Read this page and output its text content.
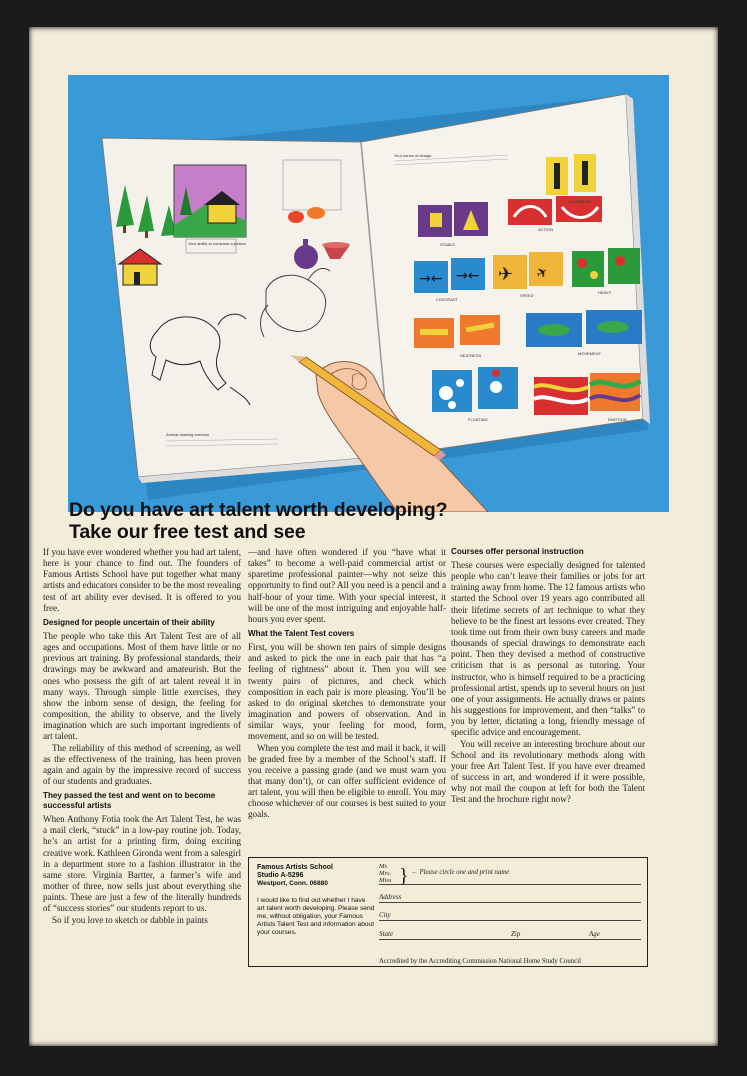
Your ability to compose a picture
Animal drawing exercise
Your sense of design
→← →← ✈ ✈
STABLE
LIGHTNESS
ACTION
SPEED
CONTRAST
HEAVY
MOVEMENT
FLOATING	EMOTION
NEATNESS
Do you have art talent worth developing?
Take our free test and see

If you have ever wondered whether you had art talent, here is your chance to find out. The founders of Famous Artists School have put together what many artists and educators consider to be the most revealing test of art ability ever devised. It is offered to you free.

Designed for people uncertain of their ability

The people who take this Art Talent Test are of all ages and occupations. Most of them have little or no previous art training. By professional standards, their drawings may be awkward and amateurish. But the ones who possess the gift of art talent reveal it in many ways. Through simple little exercises, they show the inborn sense of design, the feeling for composition, the ability to observe, and the lively imagination which are such important ingredients of art talent.

The reliability of this method of screening, as well as the effectiveness of the training, has been proven again and again by the impressive record of success of our students and graduates.

They passed the test and went on to become successful artists

When Anthony Fotia took the Art Talent Test, he was a mail clerk, “stuck” in a low-pay routine job. Today, he’s an artist for a printing firm, doing exciting creative work. Kathleen Gironda went from a salesgirl in a department store to a fashion illustrator in the same store. Virginia Bartter, a farmer’s wife and mother of three, now sells just about everything she paints. These are just a few of the literally hundreds of “success stories” our students report to us.

So if you love to sketch or dabble in paints

—and have often wondered if you “have what it takes” to become a well-paid commercial artist or sparetime professional painter—why not seize this opportunity to find out? All you need is a pencil and a half-hour of your time. With your special interest, it will be one of the most intriguing and enjoyable half-hours you ever spent.

What the Talent Test covers

First, you will be shown ten pairs of simple designs and asked to pick the one in each pair that has “a feeling of rightness” about it. Then you will see twenty pairs of pictures, and check which composition in each pair is more pleasing. You’ll be asked to do original sketches to demonstrate your imagination and powers of observation. And in similar ways, your feeling for mood, form, movement, and so on will be tested.

When you complete the test and mail it back, it will be graded free by a member of the School’s staff. If you receive a passing grade (and we must warn you that many don’t), or can offer sufficient evidence of art talent, you will then be eligible to enroll. You may choose whichever of our courses is best suited to your goals.

Courses offer personal instruction

These courses were especially designed for talented people who can’t leave their families or jobs for art training away from home. The 12 famous artists who started the School over 19 years ago contributed all their lifetime secrets of art technique to what they believe to be the finest art lessons ever created. They took time out from their own busy careers and made thousands of special drawings to demonstrate each point. Then they devised a method of constructive criticism that is as personal as tutoring. Your instructor, who is himself required to be a practicing professional artist, spends up to several hours on just one of your assignments. He actually draws or paints his suggestions for improvement, and then “talks” to you by letter, dictating a long, friendly message of specific advice and encouragement.

You will receive an interesting brochure about our School and its revolutionary methods along with your free Art Talent Test. If you have ever dreamed of success in art, and wondered if it were possible, why not mail the coupon at left for both the Talent Test and the brochure right now?

Famous Artists School
Studio A-5296
Westport, Conn. 06880
I would like to find out whether I have art talent worth developing. Please send me, without obligation, your Famous Artists Talent Test and information about your courses.
Mr.
Mrs.
Miss } ← Please circle one and print name
Address
City
State	Zip	Age
Accredited by the Accrediting Commission National Home Study Council
